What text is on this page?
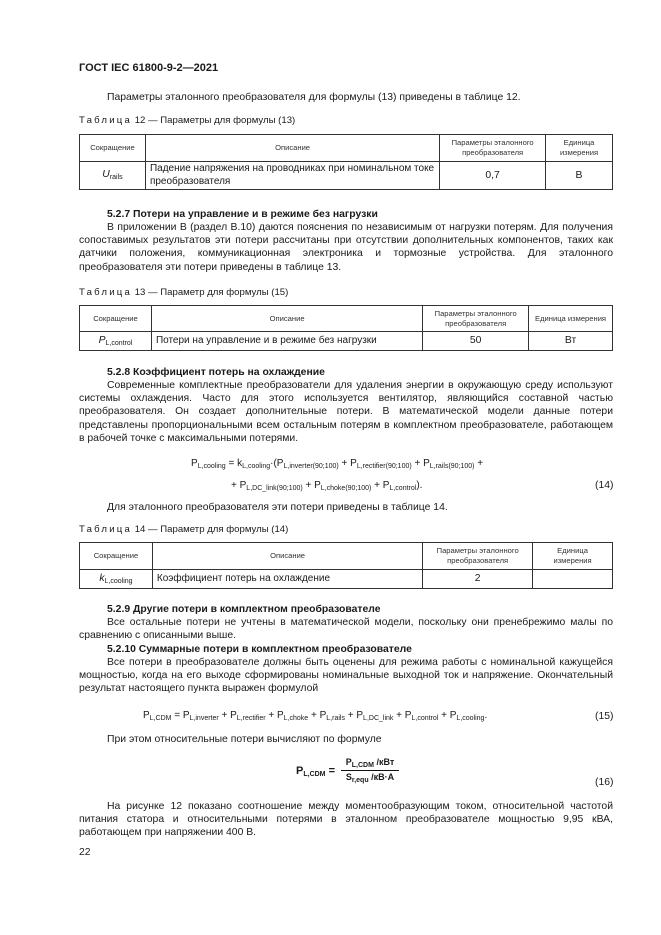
ГОСТ IEC 61800-9-2—2021
Параметры эталонного преобразователя для формулы (13) приведены в таблице 12.
Таблица 12 — Параметры для формулы (13)
Сокращение	Описание	Параметры эталонного преобразователя	Единица измерения
$U_{rails}$	Падение напряжения на проводниках при номинальном токе преобразователя	0,7	В
5.2.7 Потери на управление и в режиме без нагрузки
В приложении В (раздел В.10) даются пояснения по независимым от нагрузки потерям. Для получения сопоставимых результатов эти потери рассчитаны при отсутствии дополнительных компонентов, таких как датчики положения, коммуникационная электроника и тормозные устройства. Для эталонного преобразователя эти потери приведены в таблице 13.
Таблица 13 — Параметр для формулы (15)
Сокращение	Описание	Параметры эталонного преобразователя	Единица измерения
$P_{L,control}$	Потери на управление и в режиме без нагрузки	50	Вт
5.2.8 Коэффициент потерь на охлаждение
Современные комплектные преобразователи для удаления энергии в окружающую среду используют системы охлаждения. Часто для этого используется вентилятор, являющийся составной частью преобразователя. Он создает дополнительные потери. В математической модели данные потери представлены пропорциональными всем остальным потерям в комплектном преобразователе, работающем в рабочей точке с максимальными потерями.
$P_{L,cooling} = k_{L,cooling}\cdot(P_{L,inverter(90;100)} + P_{L,rectifier(90;100)} + P_{L,rails(90;100)}$ +
+ $P_{L,DC\_link(90;100)} + P_{L,choke(90;100)} + P_{L,control}$).	(14)
Для эталонного преобразователя эти потери приведены в таблице 14.
Таблица 14 — Параметр для формулы (14)
Сокращение	Описание	Параметры эталонного преобразователя	Единица измерения
$k_{L,cooling}$	Коэффициент потерь на охлаждение	2	
5.2.9 Другие потери в комплектном преобразователе
Все остальные потери не учтены в математической модели, поскольку они пренебрежимо малы по сравнению с описанными выше.
5.2.10 Суммарные потери в комплектном преобразователе
Все потери в преобразователе должны быть оценены для режима работы с номинальной кажущейся мощностью, когда на его выходе сформированы номинальные выходной ток и напряжение. Окончательный результат настоящего пункта выражен формулой
$P_{L,CDM} = P_{L,inverter} + P_{L,rectifier} + P_{L,choke} + P_{L,rails} + P_{L,DC\_link} + P_{L,control} + P_{L,cooling}$.	(15)
При этом относительные потери вычисляют по формуле
$P_{L,CDM}$ =
$P_{L,CDM}$ /кВт
$S_{r,equ}$ /кВ·А	(16)
На рисунке 12 показано соотношение между моментообразующим током, относительной частотой питания статора и относительными потерями в эталонном преобразователе мощностью 9,95 кВА, работающем при напряжении 400 В.
22
